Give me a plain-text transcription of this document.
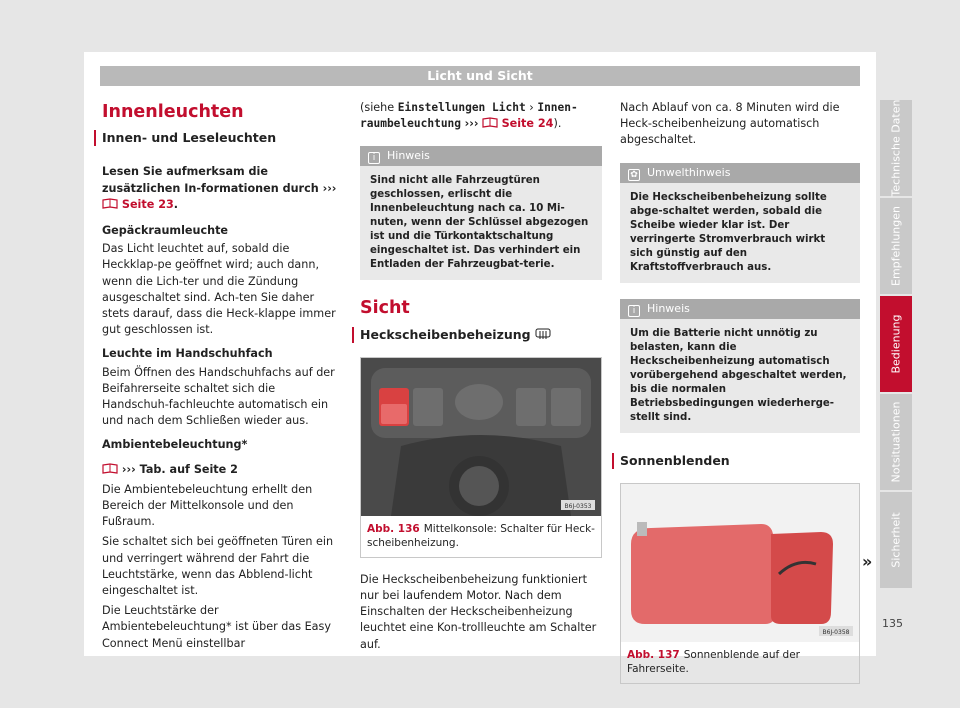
Licht und Sicht
Innenleuchten
Innen- und Leseleuchten

Lesen Sie aufmerksam die zusätzlichen In-formationen durch ›››  Seite 23.

Gepäckraumleuchte

Das Licht leuchtet auf, sobald die Heckklap-pe geöffnet wird; auch dann, wenn die Lich-ter und die Zündung ausgeschaltet sind. Ach-ten Sie daher stets darauf, dass die Heck-klappe immer gut geschlossen ist.

Leuchte im Handschuhfach

Beim Öffnen des Handschuhfachs auf der Beifahrerseite schaltet sich die Handschuh-fachleuchte automatisch ein und nach dem Schließen wieder aus.

Ambientebeleuchtung*

››› Tab. auf Seite 2

Die Ambientebeleuchtung erhellt den Bereich der Mittelkonsole und den Fußraum.

Sie schaltet sich bei geöffneten Türen ein und verringert während der Fahrt die Leuchtstärke, wenn das Abblend-licht eingeschaltet ist.

Die Leuchtstärke der Ambientebeleuchtung* ist über das Easy Connect Menü einstellbar

(siehe Einstellungen Licht › Innen-raumbeleuchtung ››› Seite 24).

i Hinweis
Sind nicht alle Fahrzeugtüren geschlossen, erlischt die Innenbeleuchtung nach ca. 10 Mi-nuten, wenn der Schlüssel abgezogen ist und die Türkontaktschaltung eingeschaltet ist. Das verhindert ein Entladen der Fahrzeugbat-terie.
Sicht
Heckscheibenbeheizung
B6J-0353
Abb. 136 Mittelkonsole: Schalter für Heck-scheibenheizung.

Die Heckscheibenbeheizung funktioniert nur bei laufendem Motor. Nach dem Einschalten der Heckscheibenheizung leuchtet eine Kon-trollleuchte am Schalter auf.

Nach Ablauf von ca. 8 Minuten wird die Heck-scheibenheizung automatisch abgeschaltet.

✿ Umwelthinweis
Die Heckscheibenbeheizung sollte abge-schaltet werden, sobald die Scheibe wieder klar ist. Der verringerte Stromverbrauch wirkt sich günstig auf den Kraftstoffverbrauch aus.
i Hinweis
Um die Batterie nicht unnötig zu belasten, kann die Heckscheibenheizung automatisch vorübergehend abgeschaltet werden, bis die normalen Betriebsbedingungen wiederherge-stellt sind.
Sonnenblenden
B6J-0358
Abb. 137 Sonnenblende auf der Fahrerseite.
»
Technische Daten
Empfehlungen
Bedienung
Notsituationen
Sicherheit
135
